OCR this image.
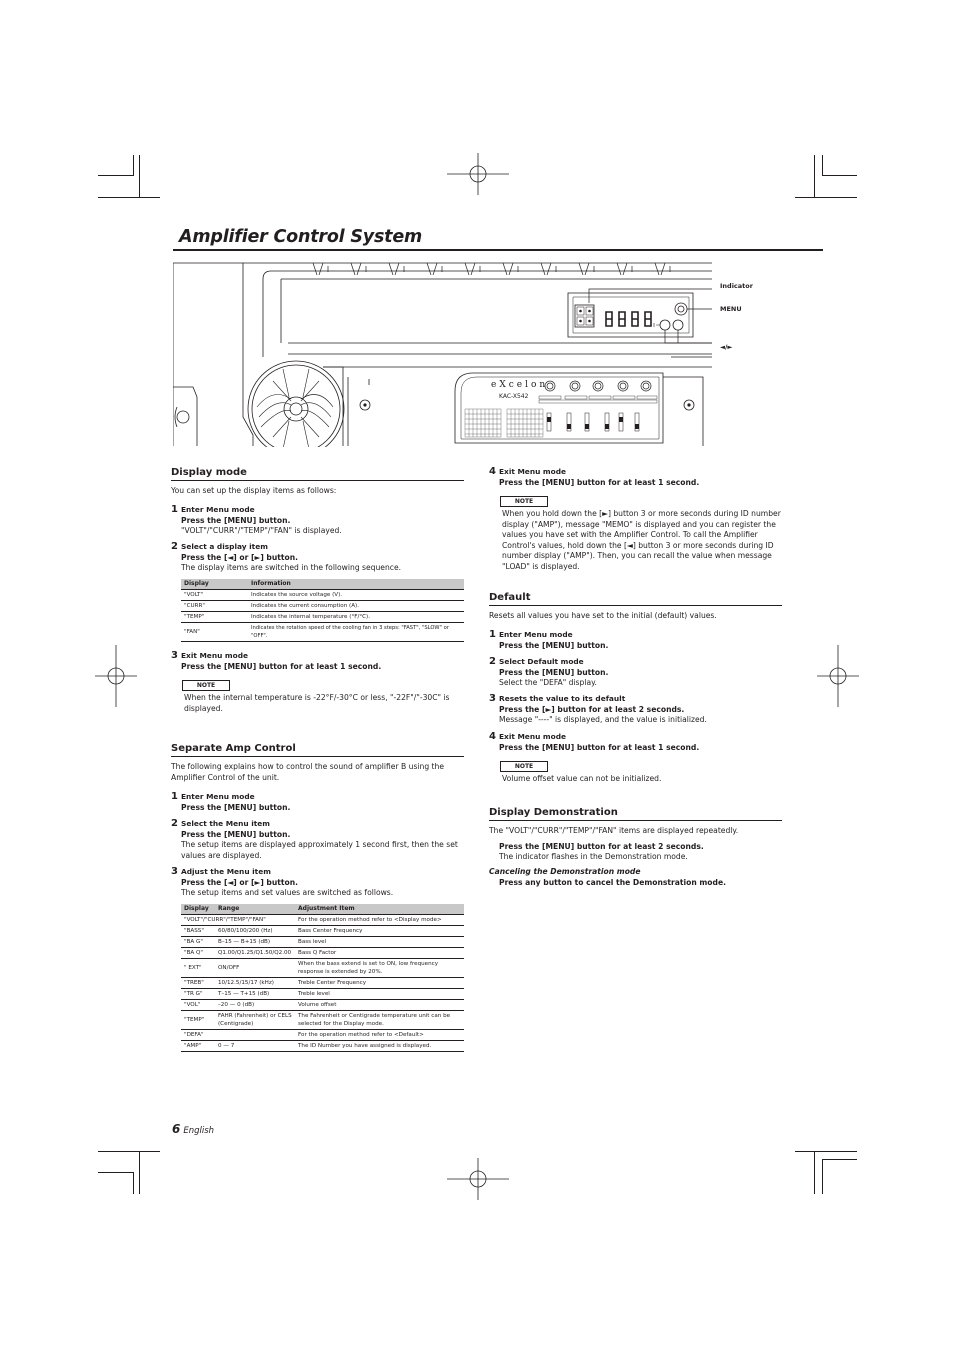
Amplifier Control System
eXcelon
KAC-X542
Indicator
MENU
◄/►
Display mode
You can set up the display items as follows:
1 Enter Menu mode
Press the [MENU] button.
"VOLT"/"CURR"/"TEMP"/"FAN" is displayed.
2 Select a display item
Press the [◄] or [►] button.
The display items are switched in the following sequence.
Display	Information
"VOLT"	Indicates the source voltage (V).
"CURR"	Indicates the current consumption (A).
"TEMP"	Indicates the internal temperature (°F/°C).
"FAN"	Indicates the rotation speed of the cooling fan in 3 steps: "FAST", "SLOW" or "OFF".
3 Exit Menu mode
Press the [MENU] button for at least 1 second.
NOTE
When the internal temperature is -22°F/-30°C or less, "-22F"/"-30C" is displayed.
Separate Amp Control
The following explains how to control the sound of amplifier B using the Amplifier Control of the unit.
1 Enter Menu mode
Press the [MENU] button.
2 Select the Menu item
Press the [MENU] button.
The setup items are displayed approximately 1 second first, then the set values are displayed.
3 Adjust the Menu item
Press the [◄] or [►] button.
The setup items and set values are switched as follows.
Display	Range	Adjustment Item
"VOLT"/"CURR"/"TEMP"/"FAN"		For the operation method refer to <Display mode>
"BASS"	60/80/100/200 (Hz)	Bass Center Frequency
"BA G"	B–15 — B+15 (dB)	Bass level
"BA Q"	Q1.00/Q1.25/Q1.50/Q2.00	Bass Q Factor
" EXT"	ON/OFF	When the bass extend is set to ON, low frequency response is extended by 20%.
"TREB"	10/12.5/15/17 (kHz)	Treble Center Frequency
"TR G"	T–15 — T+15 (dB)	Treble level
"VOL"	–20 — 0 (dB)	Volume offset
"TEMP"	FAHR (Fahrenheit) or CELS (Centigrade)	The Fahrenheit or Centigrade temperature unit can be selected for the Display mode.
"DEFA"		For the operation method refer to <Default>
"AMP"	0 — 7	The ID Number you have assigned is displayed.
4 Exit Menu mode
Press the [MENU] button for at least 1 second.
NOTE
When you hold down the [►] button 3 or more seconds during ID number display ("AMP"), message "MEMO" is displayed and you can register the values you have set with the Amplifier Control. To call the Amplifier Control's values, hold down the [◄] button 3 or more seconds during ID number display ("AMP"). Then, you can recall the value when message "LOAD" is displayed.
Default
Resets all values you have set to the initial (default) values.
1 Enter Menu mode
Press the [MENU] button.
2 Select Default mode
Press the [MENU] button.
Select the "DEFA" display.
3 Resets the value to its default
Press the [►] button for at least 2 seconds.
Message "----" is displayed, and the value is initialized.
4 Exit Menu mode
Press the [MENU] button for at least 1 second.
NOTE
Volume offset value can not be initialized.
Display Demonstration
The "VOLT"/"CURR"/"TEMP"/"FAN" items are displayed repeatedly.
Press the [MENU] button for at least 2 seconds.
The indicator flashes in the Demonstration mode.
Canceling the Demonstration mode
Press any button to cancel the Demonstration mode.
6 English
